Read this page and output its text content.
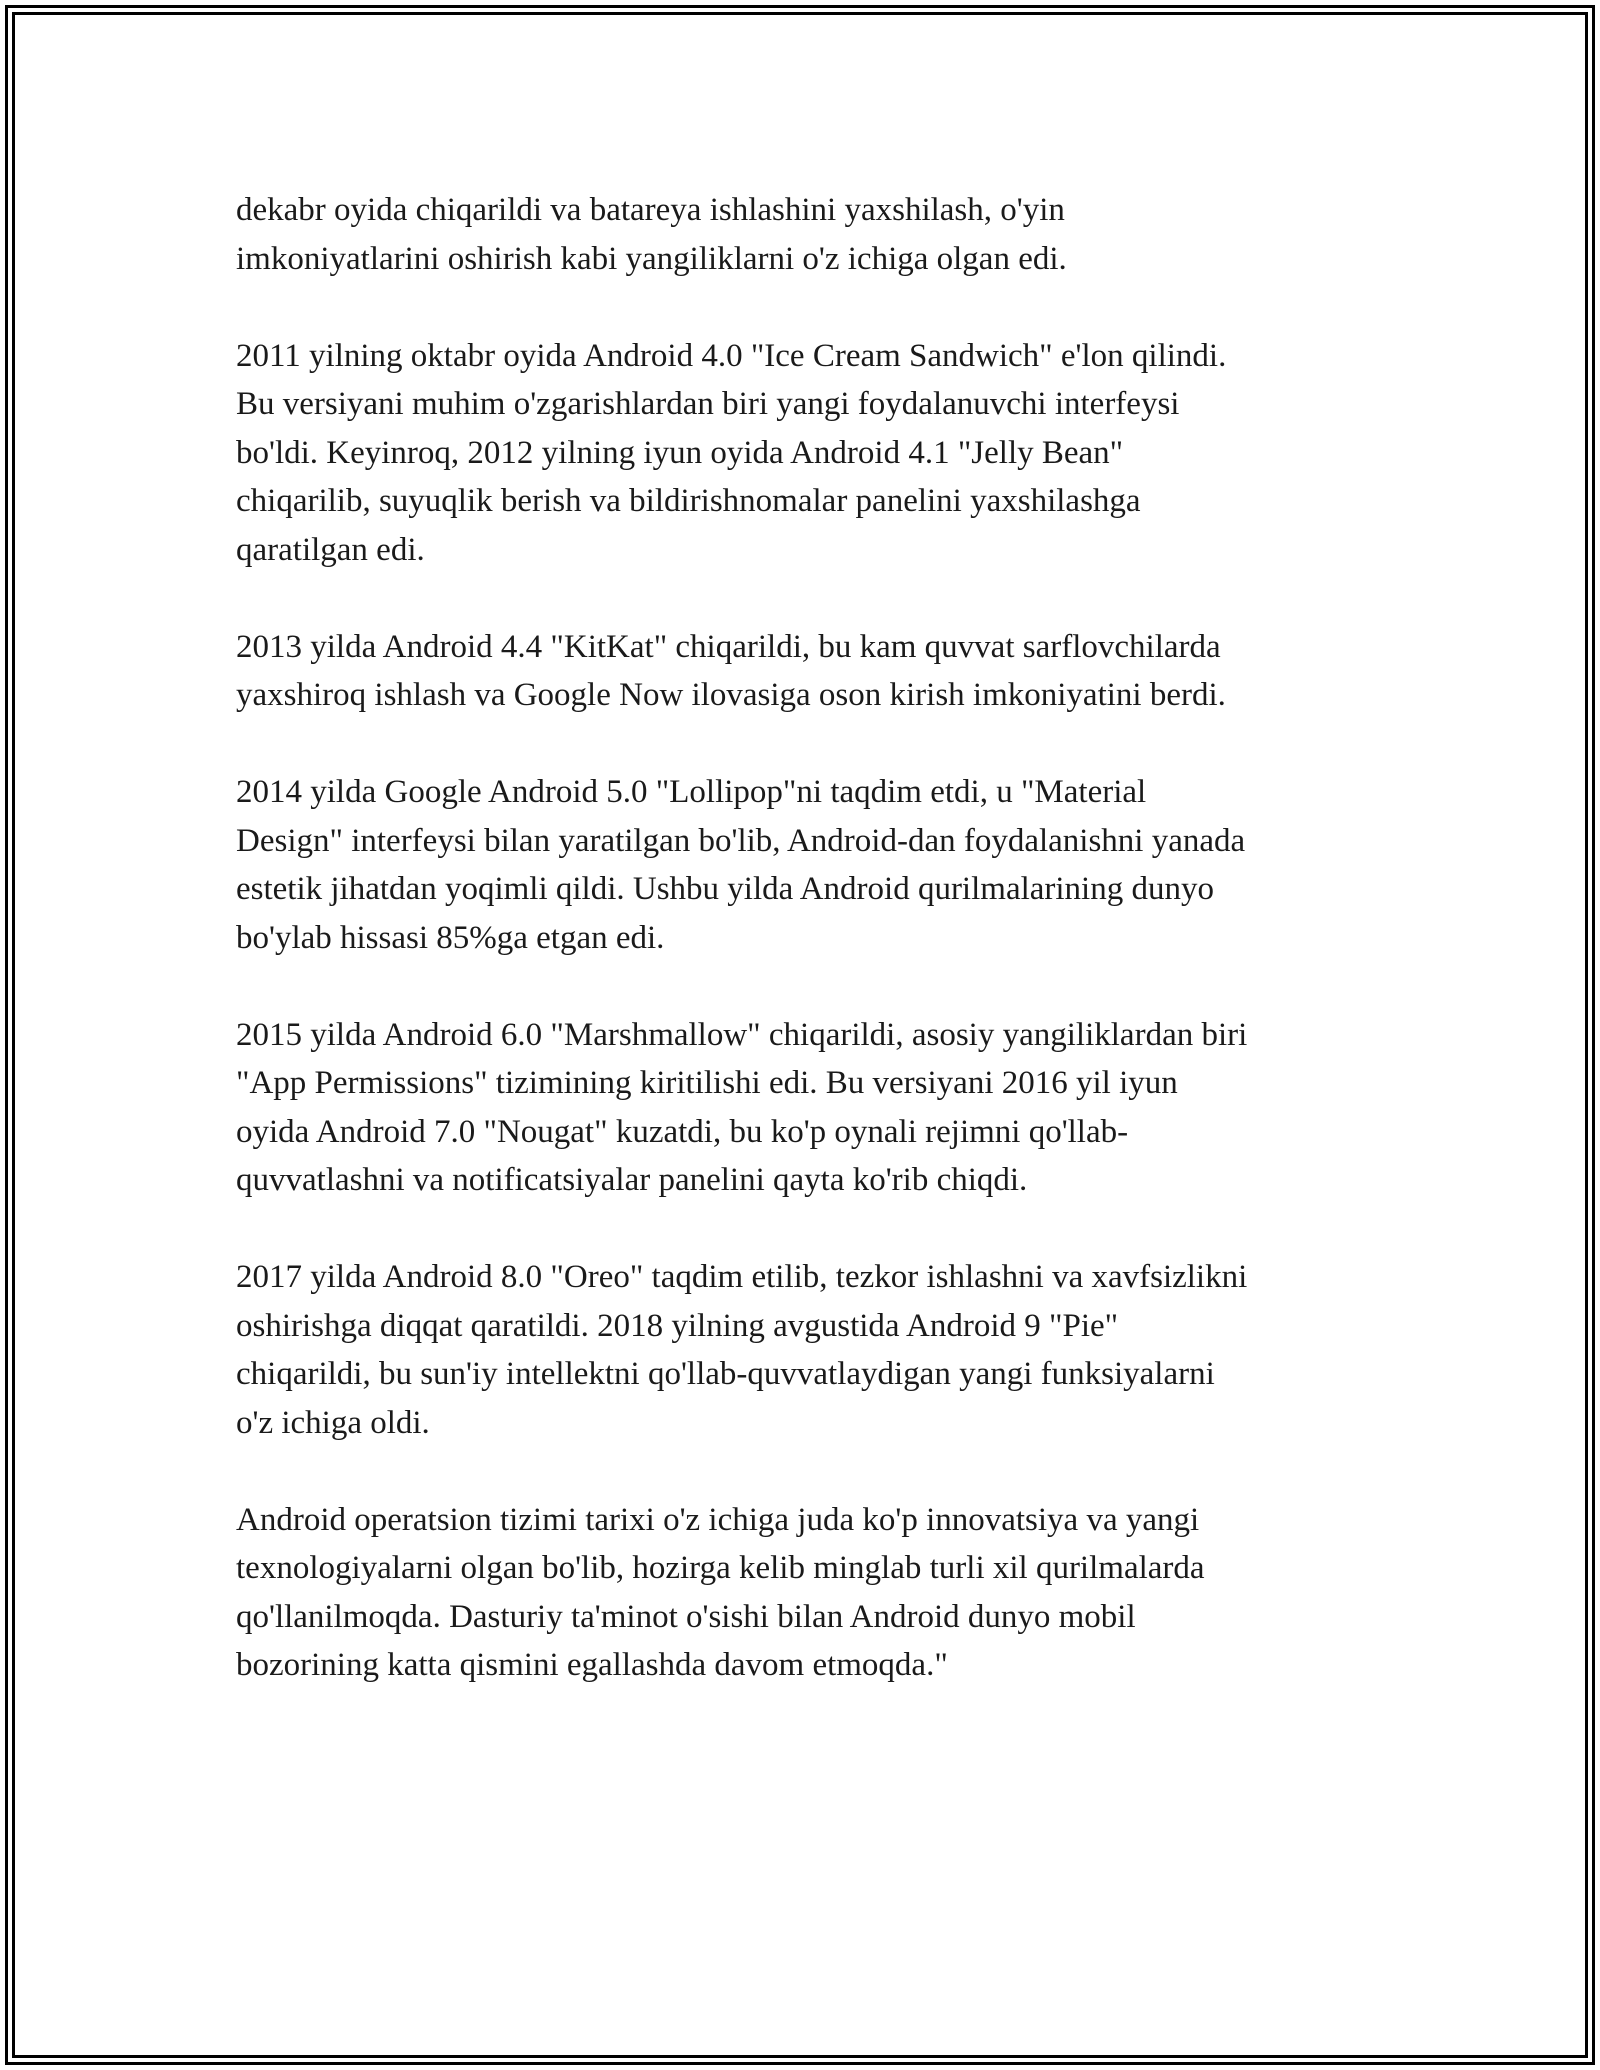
dekabr oyida chiqarildi va batareya ishlashini yaxshilash, o'yin
imkoniyatlarini oshirish kabi yangiliklarni o'z ichiga olgan edi.

2011 yilning oktabr oyida Android 4.0 "Ice Cream Sandwich" e'lon qilindi.
Bu versiyani muhim o'zgarishlardan biri yangi foydalanuvchi interfeysi
bo'ldi. Keyinroq, 2012 yilning iyun oyida Android 4.1 "Jelly Bean"
chiqarilib, suyuqlik berish va bildirishnomalar panelini yaxshilashga
qaratilgan edi.

2013 yilda Android 4.4 "KitKat" chiqarildi, bu kam quvvat sarflovchilarda
yaxshiroq ishlash va Google Now ilovasiga oson kirish imkoniyatini berdi.

2014 yilda Google Android 5.0 "Lollipop"ni taqdim etdi, u "Material
Design" interfeysi bilan yaratilgan bo'lib, Android-dan foydalanishni yanada
estetik jihatdan yoqimli qildi. Ushbu yilda Android qurilmalarining dunyo
bo'ylab hissasi 85%ga etgan edi.

2015 yilda Android 6.0 "Marshmallow" chiqarildi, asosiy yangiliklardan biri
"App Permissions" tizimining kiritilishi edi. Bu versiyani 2016 yil iyun
oyida Android 7.0 "Nougat" kuzatdi, bu ko'p oynali rejimni qo'llab-
quvvatlashni va notificatsiyalar panelini qayta ko'rib chiqdi.

2017 yilda Android 8.0 "Oreo" taqdim etilib, tezkor ishlashni va xavfsizlikni
oshirishga diqqat qaratildi. 2018 yilning avgustida Android 9 "Pie"
chiqarildi, bu sun'iy intellektni qo'llab-quvvatlaydigan yangi funksiyalarni
o'z ichiga oldi.

Android operatsion tizimi tarixi o'z ichiga juda ko'p innovatsiya va yangi
texnologiyalarni olgan bo'lib, hozirga kelib minglab turli xil qurilmalarda
qo'llanilmoqda. Dasturiy ta'minot o'sishi bilan Android dunyo mobil
bozorining katta qismini egallashda davom etmoqda."
